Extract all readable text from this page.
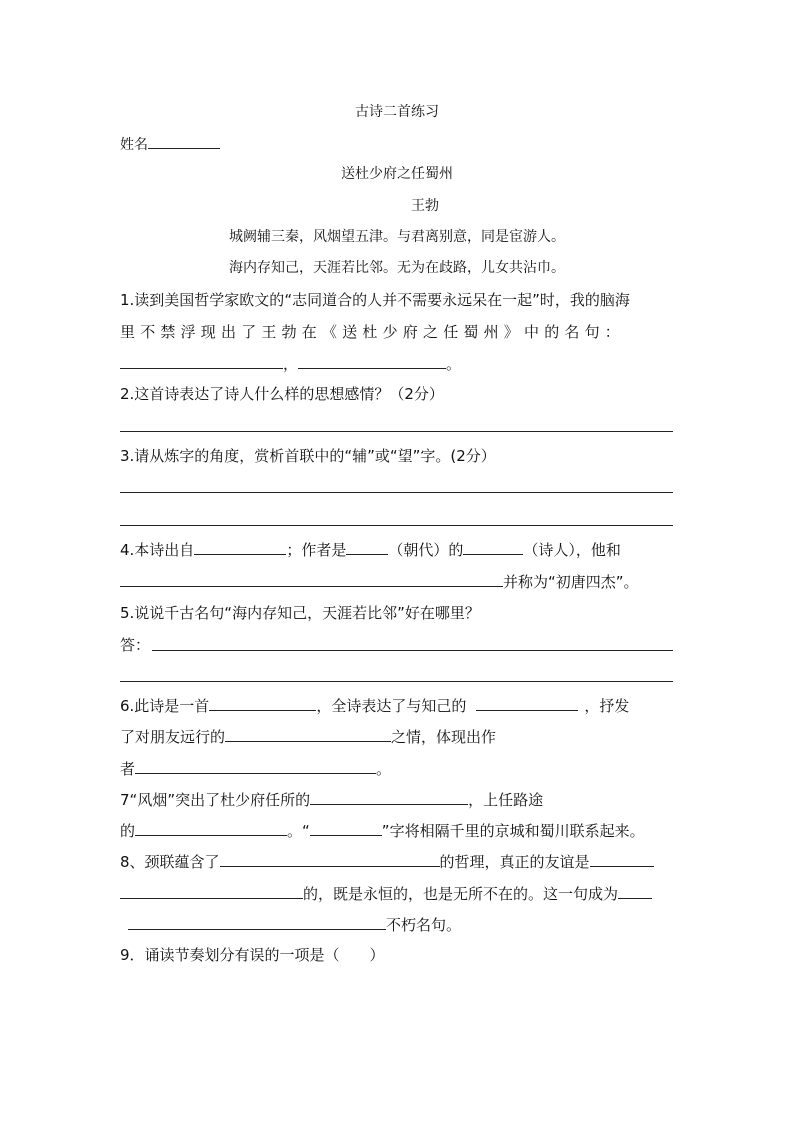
古诗二首练习
姓名
送杜少府之任蜀州
王勃
城阙辅三秦，风烟望五津。与君离别意，同是宦游人。
海内存知己，天涯若比邻。无为在歧路，儿女共沾巾。
1.读到美国哲学家欧文的“志同道合的人并不需要永远呆在一起”时，我的脑海
里不禁浮现出了王勃在《送杜少府之任蜀州》中的名句：
，	。
2.这首诗表达了诗人什么样的思想感情？（2分）
3.请从炼字的角度，赏析首联中的“辅”或“望”字。(2分）
4.本诗出自	；作者是	（朝代）的	（诗人），他和
并称为“初唐四杰”。
5.说说千古名句“海内存知己，天涯若比邻”好在哪里？
答：
6.此诗是一首	，全诗表达了与知己的	，抒发
了对朋友远行的	之情，体现出作
者	。
7“风烟”突出了杜少府任所的	，上任路途
的	。“	”字将相隔千里的京城和蜀川联系起来。
8、颈联蕴含了	的哲理，真正的友谊是
的，既是永恒的，也是无所不在的。这一句成为
不朽名句。
9．诵读节奏划分有误的一项是（　　）
